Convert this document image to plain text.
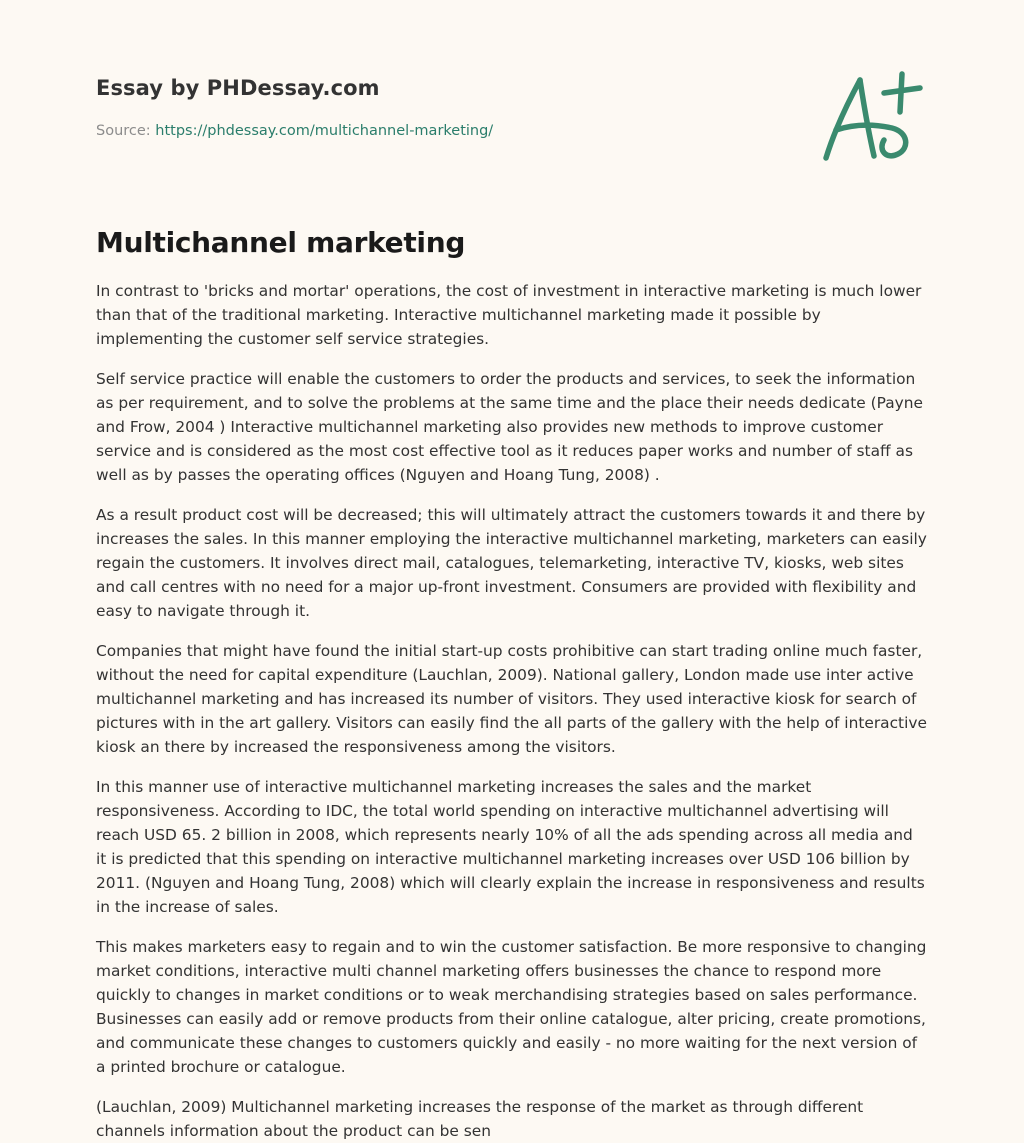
Essay by PHDessay.com
Source: https://phdessay.com/multichannel-marketing/
Multichannel marketing

In contrast to 'bricks and mortar' operations, the cost of investment in interactive marketing is much lower than that of the traditional marketing. Interactive multichannel marketing made it possible by implementing the customer self service strategies.

Self service practice will enable the customers to order the products and services, to seek the information as per requirement, and to solve the problems at the same time and the place their needs dedicate (Payne and Frow, 2004 ) Interactive multichannel marketing also provides new methods to improve customer service and is considered as the most cost effective tool as it reduces paper works and number of staff as well as by passes the operating offices (Nguyen and Hoang Tung, 2008) .

As a result product cost will be decreased; this will ultimately attract the customers towards it and there by increases the sales. In this manner employing the interactive multichannel marketing, marketers can easily regain the customers. It involves direct mail, catalogues, telemarketing, interactive TV, kiosks, web sites and call centres with no need for a major up-front investment. Consumers are provided with flexibility and easy to navigate through it.

Companies that might have found the initial start-up costs prohibitive can start trading online much faster, without the need for capital expenditure (Lauchlan, 2009). National gallery, London made use inter active multichannel marketing and has increased its number of visitors. They used interactive kiosk for search of pictures with in the art gallery. Visitors can easily find the all parts of the gallery with the help of interactive kiosk an there by increased the responsiveness among the visitors.

In this manner use of interactive multichannel marketing increases the sales and the market responsiveness. According to IDC, the total world spending on interactive multichannel advertising will reach USD 65. 2 billion in 2008, which represents nearly 10% of all the ads spending across all media and it is predicted that this spending on interactive multichannel marketing increases over USD 106 billion by 2011. (Nguyen and Hoang Tung, 2008) which will clearly explain the increase in responsiveness and results in the increase of sales.

This makes marketers easy to regain and to win the customer satisfaction. Be more responsive to changing market conditions, interactive multi channel marketing offers businesses the chance to respond more quickly to changes in market conditions or to weak merchandising strategies based on sales performance. Businesses can easily add or remove products from their online catalogue, alter pricing, create promotions, and communicate these changes to customers quickly and easily - no more waiting for the next version of a printed brochure or catalogue.

(Lauchlan, 2009) Multichannel marketing increases the response of the market as through different channels information about the product can be sen
